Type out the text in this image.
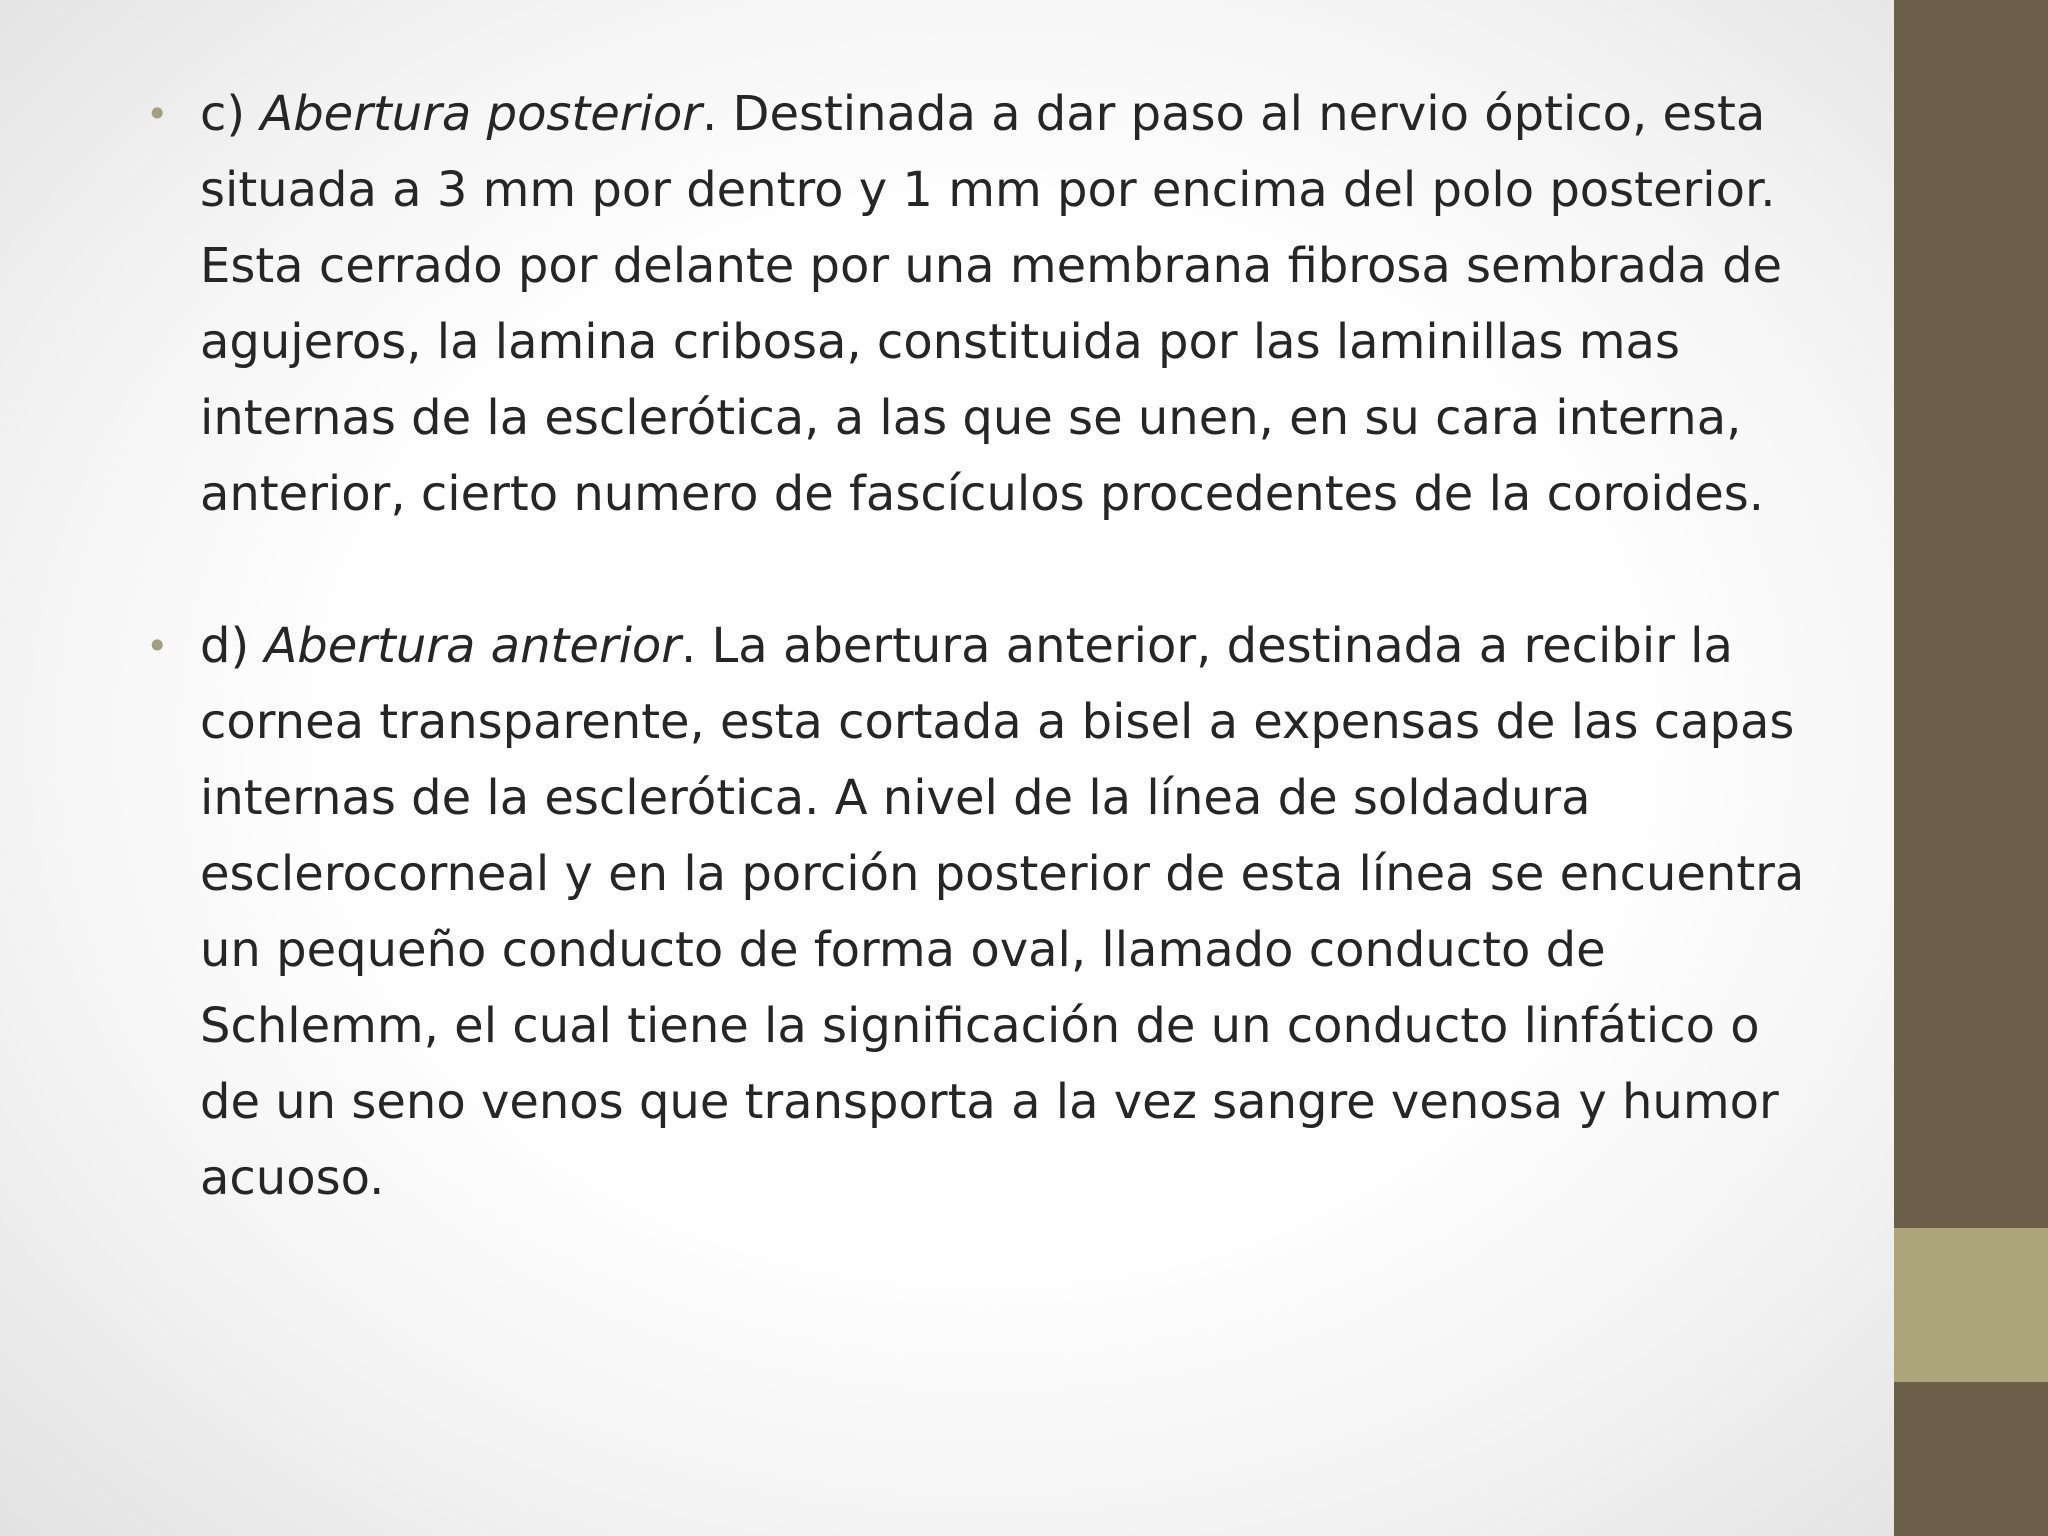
• c) Abertura posterior. Destinada a dar paso al nervio óptico, esta situada a 3 mm por dentro y 1 mm por encima del polo posterior. Esta cerrado por delante por una membrana fibrosa sembrada de agujeros, la lamina cribosa, constituida por las laminillas mas internas de la esclerótica, a las que se unen, en su cara interna, anterior, cierto numero de fascículos procedentes de la coroides.
• d) Abertura anterior. La abertura anterior, destinada a recibir la cornea transparente, esta cortada a bisel a expensas de las capas internas de la esclerótica. A nivel de la línea de soldadura esclerocorneal y en la porción posterior de esta línea se encuentra un pequeño conducto de forma oval, llamado conducto de Schlemm, el cual tiene la significación de un conducto linfático o de un seno venos que transporta a la vez sangre venosa y humor acuoso.
